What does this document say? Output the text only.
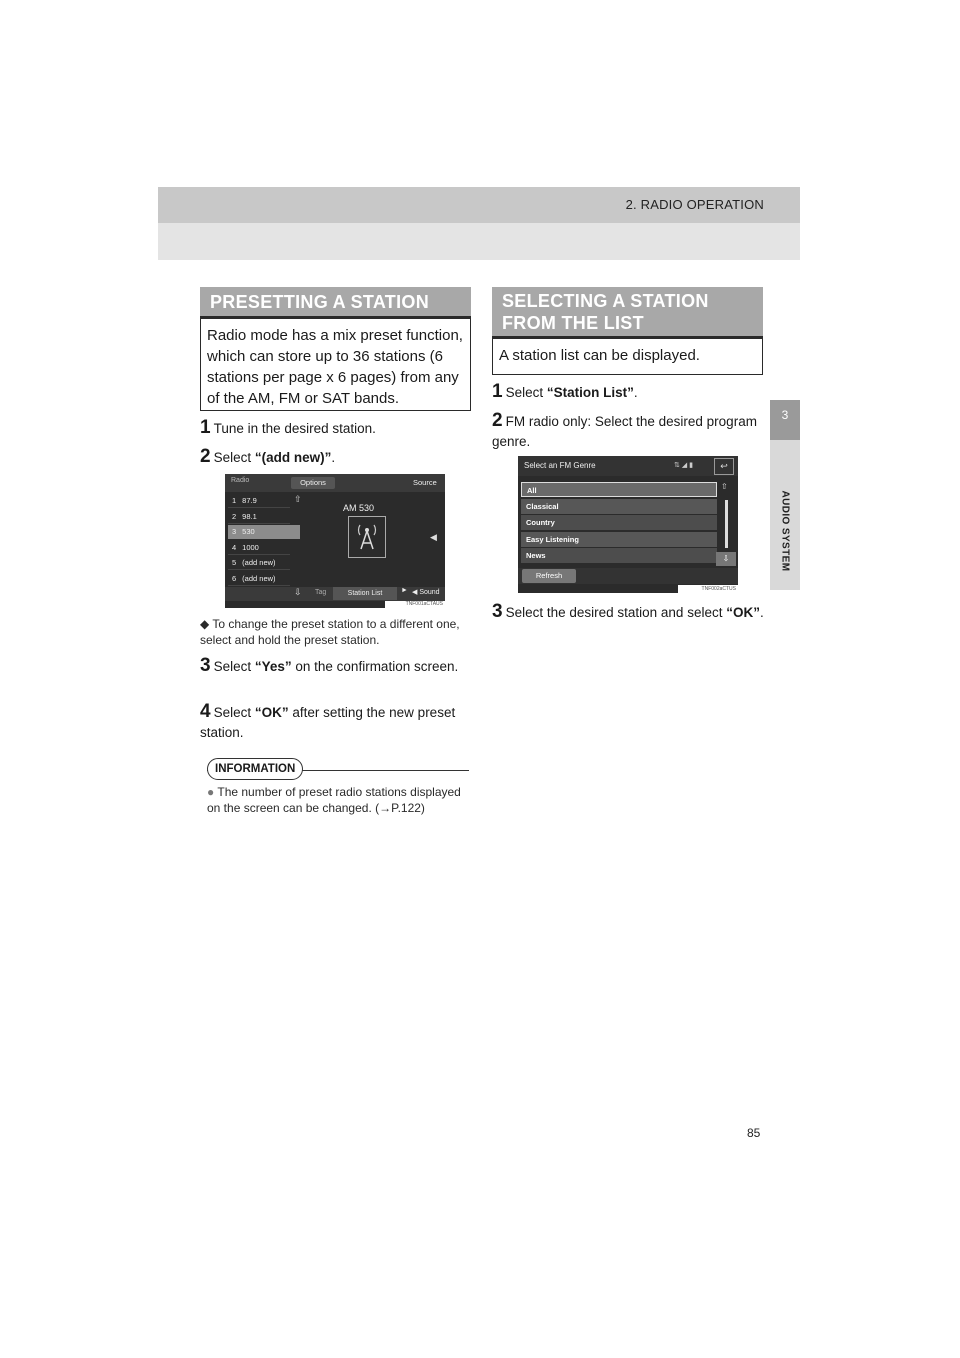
2. RADIO OPERATION
3
AUDIO SYSTEM
PRESETTING A STATION
Radio mode has a mix preset function, which can store up to 36 stations (6 stations per page x 6 pages) from any of the AM, FM or SAT bands.
1 Tune in the desired station.
2 Select “(add new)”.
Radio	Options	Source
⇧
1 87.9
2 98.1
3 530
4 1000
5 (add new)
6 (add new)
AM 530
◀
⇩ Tag	Station List	► ◀ Sound
TNF001aCTAUS
◆ To change the preset station to a different one, select and hold the preset station.
3 Select “Yes” on the confirmation screen.
4 Select “OK” after setting the new preset station.
INFORMATION
● The number of preset radio stations displayed on the screen can be changed. (→P.122)
SELECTING A STATION
FROM THE LIST
A station list can be displayed.
1 Select “Station List”.
2 FM radio only: Select the desired program genre.
Select an FM Genre	⇅ ◢ ▮	↩
All
Classical
Country
Easy Listening
News
⇧
⇩
Refresh
TNF002aCTUS
3 Select the desired station and select “OK”.
85
